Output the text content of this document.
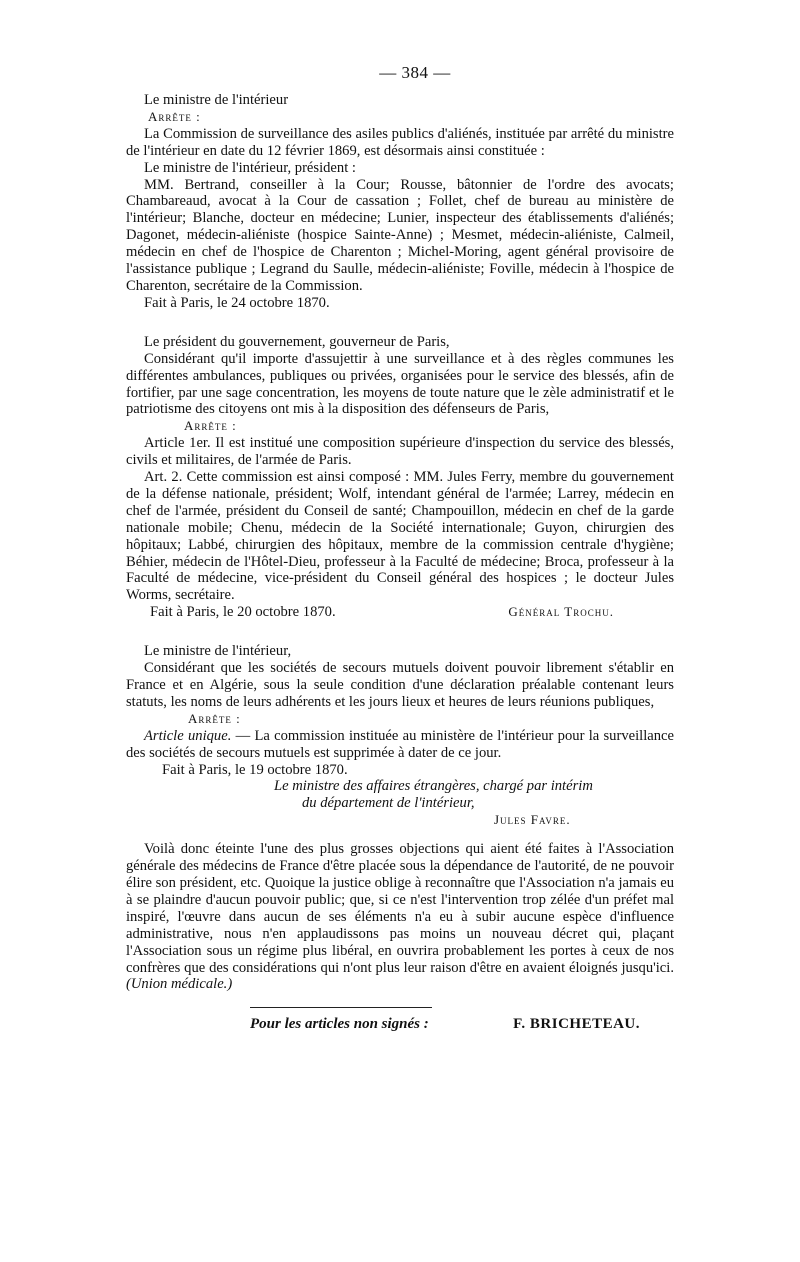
— 384 —

Le ministre de l'intérieur

Arrête :

La Commission de surveillance des asiles publics d'aliénés, instituée par arrêté du ministre de l'intérieur en date du 12 février 1869, est désormais ainsi constituée :

Le ministre de l'intérieur, président :

MM. Bertrand, conseiller à la Cour; Rousse, bâtonnier de l'ordre des avocats; Chambareaud, avocat à la Cour de cassation ; Follet, chef de bureau au ministère de l'intérieur; Blanche, docteur en médecine; Lunier, inspecteur des établissements d'aliénés; Dagonet, médecin-aliéniste (hospice Sainte-Anne) ; Mesmet, médecin-aliéniste, Calmeil, médecin en chef de l'hospice de Charenton ; Michel-Moring, agent général provisoire de l'assistance publique ; Legrand du Saulle, médecin-aliéniste; Foville, médecin à l'hospice de Charenton, secrétaire de la Commission.

Fait à Paris, le 24 octobre 1870.

Le président du gouvernement, gouverneur de Paris,

Considérant qu'il importe d'assujettir à une surveillance et à des règles communes les différentes ambulances, publiques ou privées, organisées pour le service des blessés, afin de fortifier, par une sage concentration, les moyens de toute nature que le zèle administratif et le patriotisme des citoyens ont mis à la disposition des défenseurs de Paris,

Arrête :

Article 1er. Il est institué une composition supérieure d'inspection du service des blessés, civils et militaires, de l'armée de Paris.

Art. 2. Cette commission est ainsi composé : MM. Jules Ferry, membre du gouvernement de la défense nationale, président; Wolf, intendant général de l'armée; Larrey, médecin en chef de l'armée, président du Conseil de santé; Champouillon, médecin en chef de la garde nationale mobile; Chenu, médecin de la Société internationale; Guyon, chirurgien des hôpitaux; Labbé, chirurgien des hôpitaux, membre de la commission centrale d'hygiène; Béhier, médecin de l'Hôtel-Dieu, professeur à la Faculté de médecine; Broca, professeur à la Faculté de médecine, vice-président du Conseil général des hospices ; le docteur Jules Worms, secrétaire.

Fait à Paris, le 20 octobre 1870.	Général Trochu.

Le ministre de l'intérieur,

Considérant que les sociétés de secours mutuels doivent pouvoir librement s'établir en France et en Algérie, sous la seule condition d'une déclaration préalable contenant leurs statuts, les noms de leurs adhérents et les jours lieux et heures de leurs réunions publiques,

Arrête :

Article unique. — La commission instituée au ministère de l'intérieur pour la surveillance des sociétés de secours mutuels est supprimée à dater de ce jour.

Fait à Paris, le 19 octobre 1870.

Le ministre des affaires étrangères, chargé par intérim

du département de l'intérieur,

Jules Favre.

Voilà donc éteinte l'une des plus grosses objections qui aient été faites à l'Association générale des médecins de France d'être placée sous la dépendance de l'autorité, de ne pouvoir élire son président, etc. Quoique la justice oblige à reconnaître que l'Association n'a jamais eu à se plaindre d'aucun pouvoir public; que, si ce n'est l'intervention trop zélée d'un préfet mal inspiré, l'œuvre dans aucun de ses éléments n'a eu à subir aucune espèce d'influence administrative, nous n'en applaudissons pas moins un nouveau décret qui, plaçant l'Association sous un régime plus libéral, en ouvrira probablement les portes à ceux de nos confrères que des considérations qui n'ont plus leur raison d'être en avaient éloignés jusqu'ici. (Union médicale.)

Pour les articles non signés :	F. BRICHETEAU.
